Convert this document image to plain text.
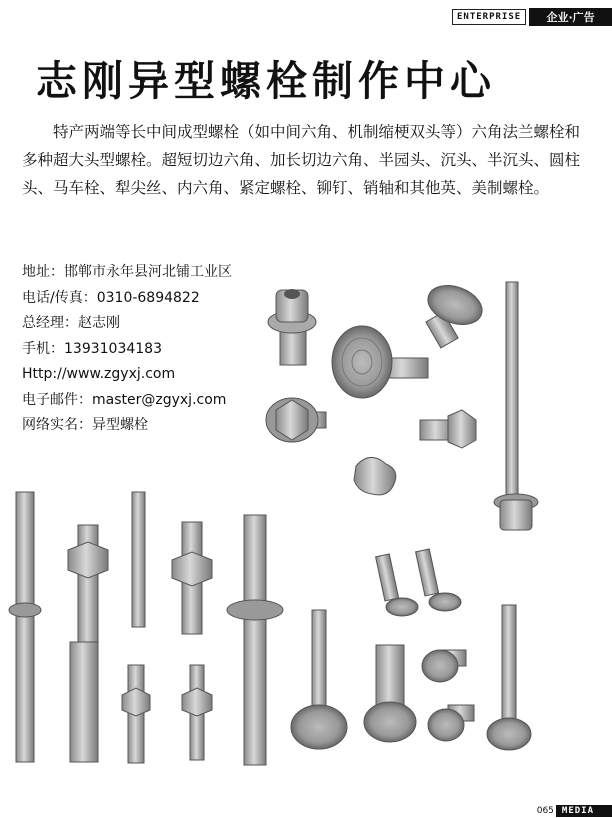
ENTERPRISE	企业·广告
志刚异型螺栓制作中心
特产两端等长中间成型螺栓（如中间六角、机制缩梗双头等）六角法兰螺栓和多种超大头型螺栓。超短切边六角、加长切边六角、半园头、沉头、半沉头、圆柱头、马车栓、犁尖丝、内六角、紧定螺栓、铆钉、销轴和其他英、美制螺栓。
地址：邯郸市永年县河北铺工业区
电话/传真：0310-6894822
总经理：赵志刚
手机：13931034183
Http://www.zgyxj.com
电子邮件：master@zgyxj.com
网络实名：异型螺栓
065 MEDIA
